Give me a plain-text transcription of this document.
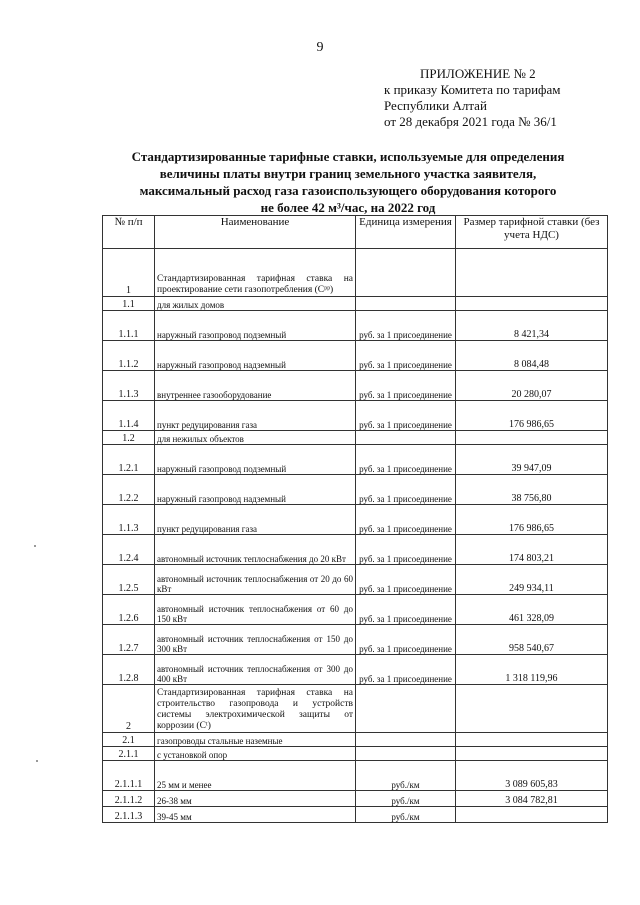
9
ПРИЛОЖЕНИЕ № 2
к приказу Комитета по тарифам
Республики Алтай
от 28 декабря 2021 года № 36/1
Стандартизированные тарифные ставки, используемые для определения
величины платы внутри границ земельного участка заявителя,
максимальный расход газа газоиспользующего оборудования которого
не более 42 м³/час, на 2022 год
№ п/п	Наименование	Единица измерения	Размер тарифной ставки (без учета НДС)
1	Стандартизированная тарифная ставка на проектирование сети газопотребления (Сᵖᵖ)		
1.1	для жилых домов		
1.1.1	наружный газопровод подземный	руб. за 1 присоединение	8 421,34
1.1.2	наружный газопровод надземный	руб. за 1 присоединение	8 084,48
1.1.3	внутреннее газооборудование	руб. за 1 присоединение	20 280,07
1.1.4	пункт редуцирования газа	руб. за 1 присоединение	176 986,65
1.2	для нежилых объектов		
1.2.1	наружный газопровод подземный	руб. за 1 присоединение	39 947,09
1.2.2	наружный газопровод надземный	руб. за 1 присоединение	38 756,80
1.1.3	пункт редуцирования газа	руб. за 1 присоединение	176 986,65
1.2.4	автономный источник теплоснабжения до 20 кВт	руб. за 1 присоединение	174 803,21
1.2.5	автономный источник теплоснабжения от 20 до 60 кВт	руб. за 1 присоединение	249 934,11
1.2.6	автономный источник теплоснабжения от 60 до 150 кВт	руб. за 1 присоединение	461 328,09
1.2.7	автономный источник теплоснабжения от 150 до 300 кВт	руб. за 1 присоединение	958 540,67
1.2.8	автономный источник теплоснабжения от 300 до 400 кВт	руб. за 1 присоединение	1 318 119,96
2	Стандартизированная тарифная ставка на строительство газопровода и устройств системы электрохимической защиты от коррозии (Сᵗ)		
2.1	газопроводы стальные наземные		
2.1.1	с установкой опор		
2.1.1.1	25 мм и менее	руб./км	3 089 605,83
2.1.1.2	26-38 мм	руб./км	3 084 782,81
2.1.1.3	39-45 мм	руб./км	
